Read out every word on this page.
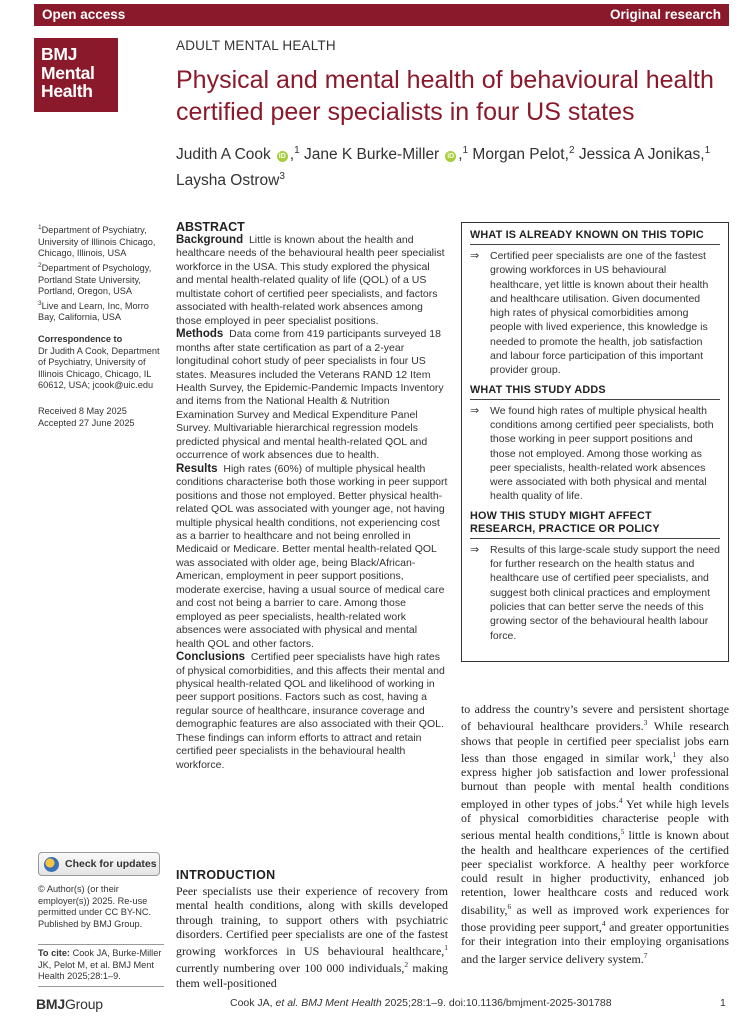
Open access	Original research
BMJ
Mental
Health
ADULT MENTAL HEALTH
Physical and mental health of behavioural health certified peer specialists in four US states
Judith A Cook iD ,$^1$ Jane K Burke-Miller iD ,$^1$ Morgan Pelot,$^2$ Jessica A Jonikas,$^1$
Laysha Ostrow$^3$

$^1$Department of Psychiatry, University of Illinois Chicago, Chicago, Illinois, USA

$^2$Department of Psychology, Portland State University, Portland, Oregon, USA

$^3$Live and Learn, Inc, Morro Bay, California, USA

Correspondence to

Dr Judith A Cook, Department of Psychiatry, University of Illinois Chicago, Chicago, IL 60612, USA; jcook@uic.edu

Received 8 May 2025

Accepted 27 June 2025

Check for updates
© Author(s) (or their employer(s)) 2025. Re-use permitted under CC BY-NC. Published by BMJ Group.
To cite: Cook JA, Burke-Miller JK, Pelot M, et al. BMJ Ment Health 2025;28:1–9.
ABSTRACT

Background Little is known about the health and healthcare needs of the behavioural health peer specialist workforce in the USA. This study explored the physical and mental health-related quality of life (QOL) of a US multistate cohort of certified peer specialists, and factors associated with health-related work absences among those employed in peer specialist positions.

Methods Data come from 419 participants surveyed 18 months after state certification as part of a 2-year longitudinal cohort study of peer specialists in four US states. Measures included the Veterans RAND 12 Item Health Survey, the Epidemic-Pandemic Impacts Inventory and items from the National Health & Nutrition Examination Survey and Medical Expenditure Panel Survey. Multivariable hierarchical regression models predicted physical and mental health-related QOL and occurrence of work absences due to health.

Results High rates (60%) of multiple physical health conditions characterise both those working in peer support positions and those not employed. Better physical health-related QOL was associated with younger age, not having multiple physical health conditions, not experiencing cost as a barrier to healthcare and not being enrolled in Medicaid or Medicare. Better mental health-related QOL was associated with older age, being Black/African-American, employment in peer support positions, moderate exercise, having a usual source of medical care and cost not being a barrier to care. Among those employed as peer specialists, health-related work absences were associated with physical and mental health QOL and other factors.

Conclusions Certified peer specialists have high rates of physical comorbidities, and this affects their mental and physical health-related QOL and likelihood of working in peer support positions. Factors such as cost, having a regular source of healthcare, insurance coverage and demographic features are also associated with their QOL. These findings can inform efforts to attract and retain certified peer specialists in the behavioural health workforce.

WHAT IS ALREADY KNOWN ON THIS TOPIC
⇒	Certified peer specialists are one of the fastest growing workforces in US behavioural healthcare, yet little is known about their health and healthcare utilisation. Given documented high rates of physical comorbidities among people with lived experience, this knowledge is needed to promote the health, job satisfaction and labour force participation of this important provider group.
WHAT THIS STUDY ADDS
⇒	We found high rates of multiple physical health conditions among certified peer specialists, both those working in peer support positions and those not employed. Among those working as peer specialists, health-related work absences were associated with both physical and mental health quality of life.
HOW THIS STUDY MIGHT AFFECT RESEARCH, PRACTICE OR POLICY
⇒	Results of this large-scale study support the need for further research on the health status and healthcare use of certified peer specialists, and suggest both clinical practices and employment policies that can better serve the needs of this growing sector of the behavioural health labour force.
to address the country’s severe and persistent shortage of behavioural healthcare providers.$^3$ While research shows that people in certified peer specialist jobs earn less than those engaged in similar work,$^1$ they also express higher job satisfaction and lower professional burnout than people with mental health conditions employed in other types of jobs.$^4$ Yet while high levels of physical comorbidities characterise people with serious mental health conditions,$^5$ little is known about the health and healthcare experiences of the certified peer specialist workforce. A healthy peer workforce could result in higher productivity, enhanced job retention, lower healthcare costs and reduced work disability,$^6$ as well as improved work experiences for those providing peer support,$^4$ and greater opportunities for their integration into their employing organisations and the larger service delivery system.$^7$
INTRODUCTION
Peer specialists use their experience of recovery from mental health conditions, along with skills developed through training, to support others with psychiatric disorders. Certified peer specialists are one of the fastest growing workforces in US behavioural healthcare,$^1$ currently numbering over 100 000 individuals,$^2$ making them well-positioned
BMJGroup	Cook JA, et al. BMJ Ment Health 2025;28:1–9. doi:10.1136/bmjment-2025-301788	1
